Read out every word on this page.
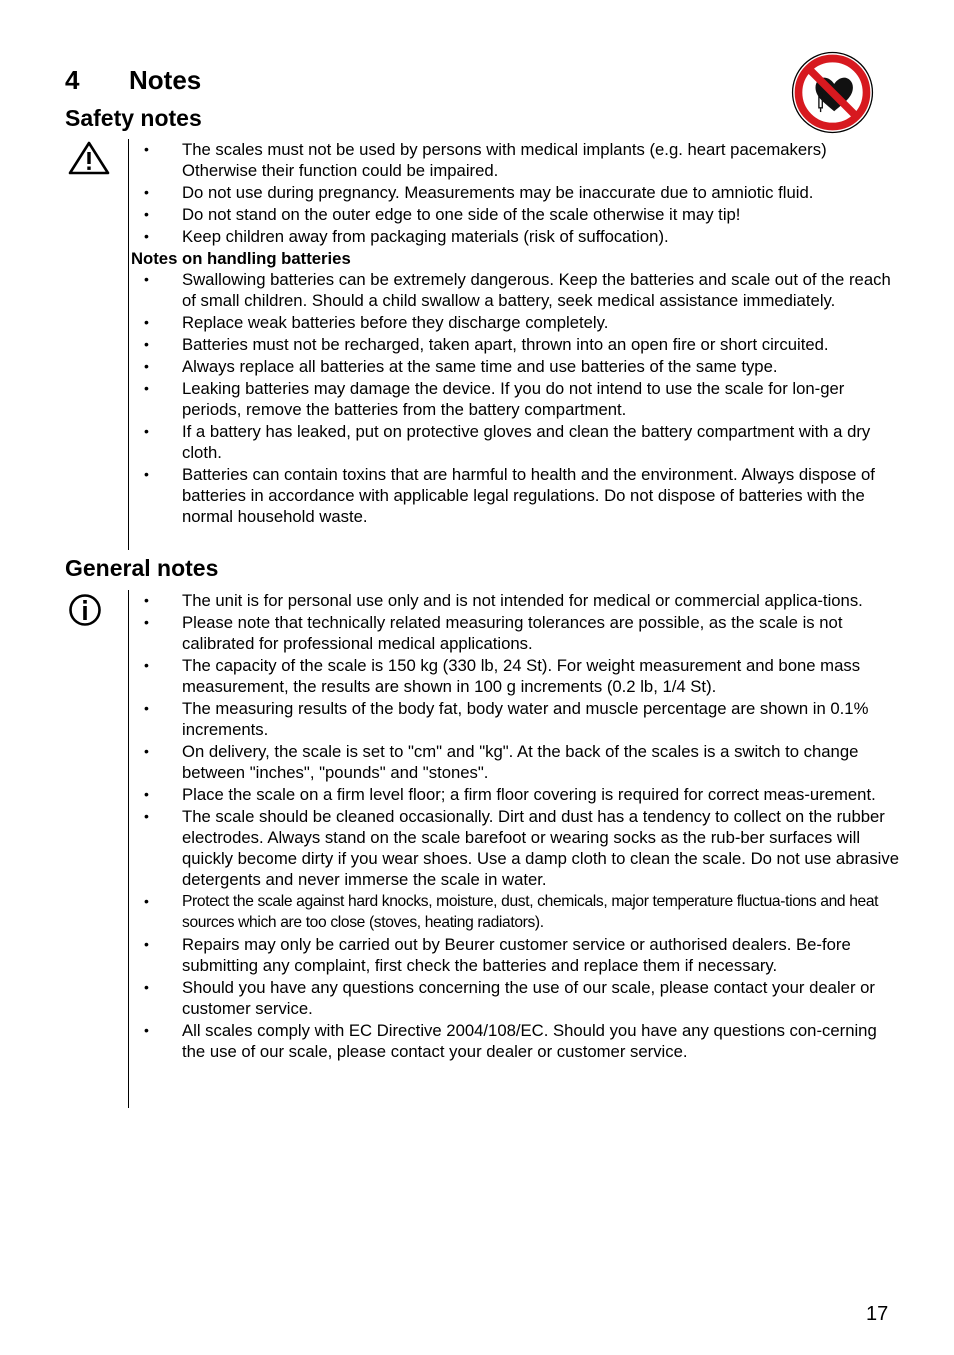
4 Notes
Safety notes
• The scales must not be used by persons with medical implants (e.g. heart pacemakers) Otherwise their function could be impaired.
• Do not use during pregnancy. Measurements may be inaccurate due to amniotic fluid.
• Do not stand on the outer edge to one side of the scale otherwise it may tip!
• Keep children away from packaging materials (risk of suffocation).
Notes on handling batteries
• Swallowing batteries can be extremely dangerous. Keep the batteries and scale out of the reach of small children. Should a child swallow a battery, seek medical assistance immediately.
• Replace weak batteries before they discharge completely.
• Batteries must not be recharged, taken apart, thrown into an open fire or short circuited.
• Always replace all batteries at the same time and use batteries of the same type.
• Leaking batteries may damage the device. If you do not intend to use the scale for lon-ger periods, remove the batteries from the battery compartment.
• If a battery has leaked, put on protective gloves and clean the battery compartment with a dry cloth.
• Batteries can contain toxins that are harmful to health and the environment. Always dispose of batteries in accordance with applicable legal regulations. Do not dispose of batteries with the normal household waste.
General notes
• The unit is for personal use only and is not intended for medical or commercial applica-tions.
• Please note that technically related measuring tolerances are possible, as the scale is not calibrated for professional medical applications.
• The capacity of the scale is 150 kg (330 lb, 24 St). For weight measurement and bone mass measurement, the results are shown in 100 g increments (0.2 lb, 1/4 St).
• The measuring results of the body fat, body water and muscle percentage are shown in 0.1% increments.
• On delivery, the scale is set to "cm" and "kg". At the back of the scales is a switch to change between "inches", "pounds" and "stones".
• Place the scale on a firm level floor; a firm floor covering is required for correct meas-urement.
• The scale should be cleaned occasionally. Dirt and dust has a tendency to collect on the rubber electrodes. Always stand on the scale barefoot or wearing socks as the rub-ber surfaces will quickly become dirty if you wear shoes. Use a damp cloth to clean the scale. Do not use abrasive detergents and never immerse the scale in water.
• Protect the scale against hard knocks, moisture, dust, chemicals, major temperature fluctua-tions and heat sources which are too close (stoves, heating radiators).
• Repairs may only be carried out by Beurer customer service or authorised dealers. Be-fore submitting any complaint, first check the batteries and replace them if necessary.
• Should you have any questions concerning the use of our scale, please contact your dealer or customer service.
• All scales comply with EC Directive 2004/108/EC. Should you have any questions con-cerning the use of our scale, please contact your dealer or customer service.
17
